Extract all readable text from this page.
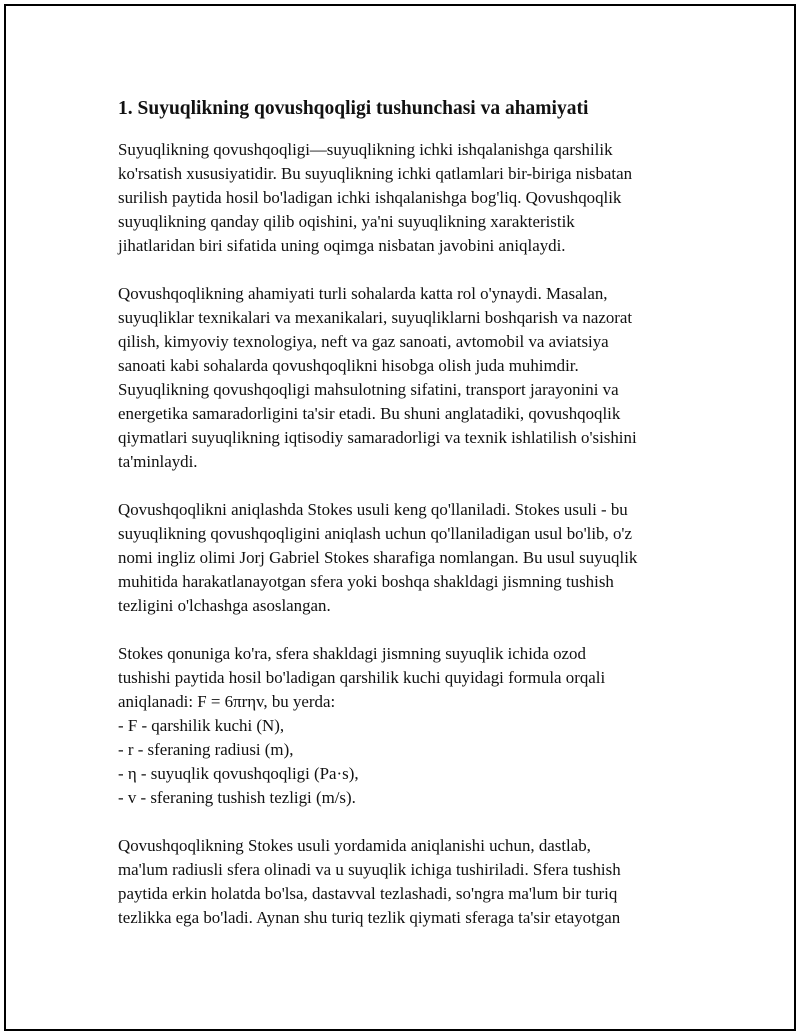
1. Suyuqlikning qovushqoqligi tushunchasi va ahamiyati

Suyuqlikning qovushqoqligi—suyuqlikning ichki ishqalanishga qarshilik
ko'rsatish xususiyatidir. Bu suyuqlikning ichki qatlamlari bir-biriga nisbatan
surilish paytida hosil bo'ladigan ichki ishqalanishga bog'liq. Qovushqoqlik
suyuqlikning qanday qilib oqishini, ya'ni suyuqlikning xarakteristik
jihatlaridan biri sifatida uning oqimga nisbatan javobini aniqlaydi.

Qovushqoqlikning ahamiyati turli sohalarda katta rol o'ynaydi. Masalan,
suyuqliklar texnikalari va mexanikalari, suyuqliklarni boshqarish va nazorat
qilish, kimyoviy texnologiya, neft va gaz sanoati, avtomobil va aviatsiya
sanoati kabi sohalarda qovushqoqlikni hisobga olish juda muhimdir.
Suyuqlikning qovushqoqligi mahsulotning sifatini, transport jarayonini va
energetika samaradorligini ta'sir etadi. Bu shuni anglatadiki, qovushqoqlik
qiymatlari suyuqlikning iqtisodiy samaradorligi va texnik ishlatilish o'sishini
ta'minlaydi.

Qovushqoqlikni aniqlashda Stokes usuli keng qo'llaniladi. Stokes usuli - bu
suyuqlikning qovushqoqligini aniqlash uchun qo'llaniladigan usul bo'lib, o'z
nomi ingliz olimi Jorj Gabriel Stokes sharafiga nomlangan. Bu usul suyuqlik
muhitida harakatlanayotgan sfera yoki boshqa shakldagi jismning tushish
tezligini o'lchashga asoslangan.

Stokes qonuniga ko'ra, sfera shakldagi jismning suyuqlik ichida ozod
tushishi paytida hosil bo'ladigan qarshilik kuchi quyidagi formula orqali
aniqlanadi: F = 6πrηv, bu yerda:
- F - qarshilik kuchi (N),
- r - sferaning radiusi (m),
- η - suyuqlik qovushqoqligi (Pa·s),
- v - sferaning tushish tezligi (m/s).

Qovushqoqlikning Stokes usuli yordamida aniqlanishi uchun, dastlab,
ma'lum radiusli sfera olinadi va u suyuqlik ichiga tushiriladi. Sfera tushish
paytida erkin holatda bo'lsa, dastavval tezlashadi, so'ngra ma'lum bir turiq
tezlikka ega bo'ladi. Aynan shu turiq tezlik qiymati sferaga ta'sir etayotgan
